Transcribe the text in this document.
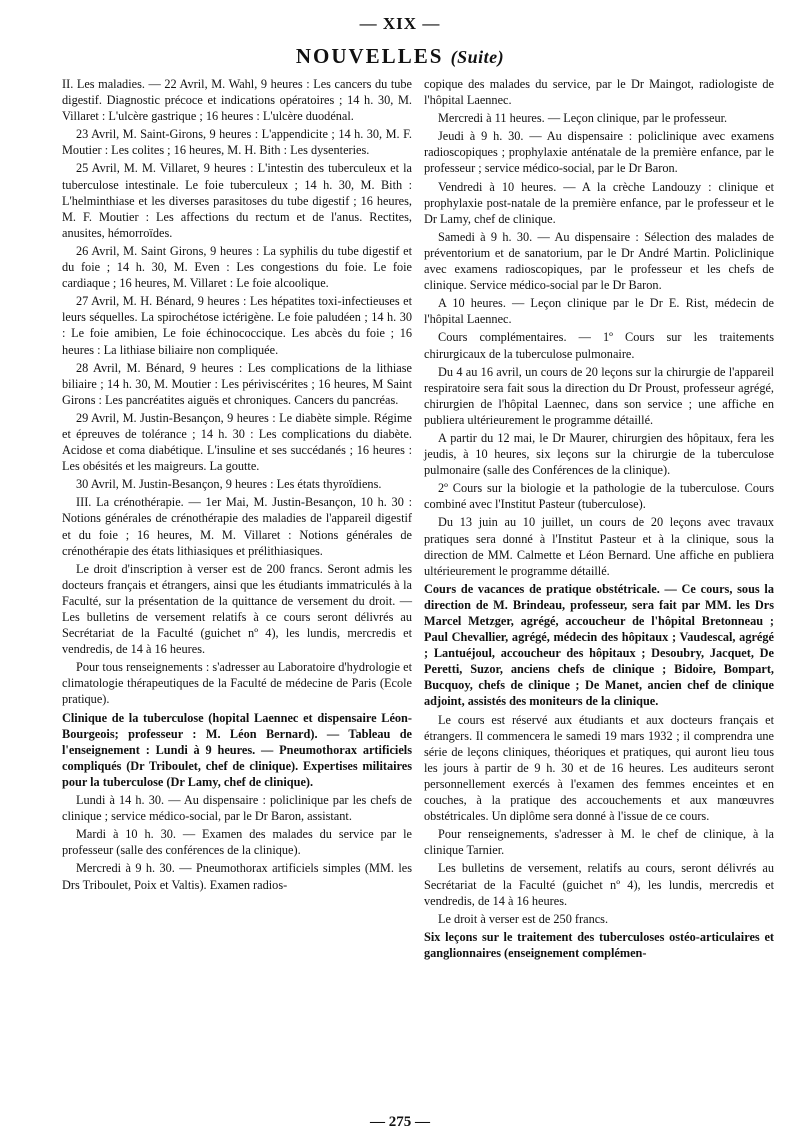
— XIX —
NOUVELLES (Suite)

II. Les maladies. — 22 Avril, M. Wahl, 9 heures : Les cancers du tube digestif. Diagnostic précoce et indications opératoires ; 14 h. 30, M. Villaret : L'ulcère gastrique ; 16 heures : L'ulcère duodénal.

23 Avril, M. Saint-Girons, 9 heures : L'appendicite ; 14 h. 30, M. F. Moutier : Les colites ; 16 heures, M. H. Bith : Les dysenteries.

25 Avril, M. M. Villaret, 9 heures : L'intestin des tuberculeux et la tuberculose intestinale. Le foie tuberculeux ; 14 h. 30, M. Bith : L'helminthiase et les diverses parasitoses du tube digestif ; 16 heures, M. F. Moutier : Les affections du rectum et de l'anus. Rectites, anusites, hémorroïdes.

26 Avril, M. Saint Girons, 9 heures : La syphilis du tube digestif et du foie ; 14 h. 30, M. Even : Les congestions du foie. Le foie cardiaque ; 16 heures, M. Villaret : Le foie alcoolique.

27 Avril, M. H. Bénard, 9 heures : Les hépatites toxi-infectieuses et leurs séquelles. La spirochétose ictérigène. Le foie paludéen ; 14 h. 30 : Le foie amibien, Le foie échinococcique. Les abcès du foie ; 16 heures : La lithiase biliaire non compliquée.

28 Avril, M. Bénard, 9 heures : Les complications de la lithiase biliaire ; 14 h. 30, M. Moutier : Les périviscérites ; 16 heures, M Saint Girons : Les pancréatites aiguës et chroniques. Cancers du pancréas.

29 Avril, M. Justin-Besançon, 9 heures : Le diabète simple. Régime et épreuves de tolérance ; 14 h. 30 : Les complications du diabète. Acidose et coma diabétique. L'insuline et ses succédanés ; 16 heures : Les obésités et les maigreurs. La goutte.

30 Avril, M. Justin-Besançon, 9 heures : Les états thyroïdiens.

III. La crénothérapie. — 1er Mai, M. Justin-Besançon, 10 h. 30 : Notions générales de crénothérapie des maladies de l'appareil digestif et du foie ; 16 heures, M. M. Villaret : Notions générales de crénothérapie des états lithiasiques et prélithiasiques.

Le droit d'inscription à verser est de 200 francs. Seront admis les docteurs français et étrangers, ainsi que les étudiants immatriculés à la Faculté, sur la présentation de la quittance de versement du droit. — Les bulletins de versement relatifs à ce cours seront délivrés au Secrétariat de la Faculté (guichet nº 4), les lundis, mercredis et vendredis, de 14 à 16 heures.

Pour tous renseignements : s'adresser au Laboratoire d'hydrologie et climatologie thérapeutiques de la Faculté de médecine de Paris (Ecole pratique).

Clinique de la tuberculose (hopital Laennec et dispensaire Léon-Bourgeois; professeur : M. Léon Bernard). — Tableau de l'enseignement : Lundi à 9 heures. — Pneumothorax artificiels compliqués (Dr Triboulet, chef de clinique). Expertises militaires pour la tuberculose (Dr Lamy, chef de clinique).

Lundi à 14 h. 30. — Au dispensaire : policlinique par les chefs de clinique ; service médico-social, par le Dr Baron, assistant.

Mardi à 10 h. 30. — Examen des malades du service par le professeur (salle des conférences de la clinique).

Mercredi à 9 h. 30. — Pneumothorax artificiels simples (MM. les Drs Triboulet, Poix et Valtis). Examen radios-

copique des malades du service, par le Dr Maingot, radiologiste de l'hôpital Laennec.

Mercredi à 11 heures. — Leçon clinique, par le professeur.

Jeudi à 9 h. 30. — Au dispensaire : policlinique avec examens radioscopiques ; prophylaxie anténatale de la première enfance, par le professeur ; service médico-social, par le Dr Baron.

Vendredi à 10 heures. — A la crèche Landouzy : clinique et prophylaxie post-natale de la première enfance, par le professeur et le Dr Lamy, chef de clinique.

Samedi à 9 h. 30. — Au dispensaire : Sélection des malades de préventorium et de sanatorium, par le Dr André Martin. Policlinique avec examens radioscopiques, par le professeur et les chefs de clinique. Service médico-social par le Dr Baron.

A 10 heures. — Leçon clinique par le Dr E. Rist, médecin de l'hôpital Laennec.

Cours complémentaires. — 1º Cours sur les traitements chirurgicaux de la tuberculose pulmonaire.

Du 4 au 16 avril, un cours de 20 leçons sur la chirurgie de l'appareil respiratoire sera fait sous la direction du Dr Proust, professeur agrégé, chirurgien de l'hôpital Laennec, dans son service ; une affiche en publiera ultérieurement le programme détaillé.

A partir du 12 mai, le Dr Maurer, chirurgien des hôpitaux, fera les jeudis, à 10 heures, six leçons sur la chirurgie de la tuberculose pulmonaire (salle des Conférences de la clinique).

2º Cours sur la biologie et la pathologie de la tuberculose. Cours combiné avec l'Institut Pasteur (tuberculose).

Du 13 juin au 10 juillet, un cours de 20 leçons avec travaux pratiques sera donné à l'Institut Pasteur et à la clinique, sous la direction de MM. Calmette et Léon Bernard. Une affiche en publiera ultérieurement le programme détaillé.

Cours de vacances de pratique obstétricale. — Ce cours, sous la direction de M. Brindeau, professeur, sera fait par MM. les Drs Marcel Metzger, agrégé, accoucheur de l'hôpital Bretonneau ; Paul Chevallier, agrégé, médecin des hôpitaux ; Vaudescal, agrégé ; Lantuéjoul, accoucheur des hôpitaux ; Desoubry, Jacquet, De Peretti, Suzor, anciens chefs de clinique ; Bidoire, Bompart, Bucquoy, chefs de clinique ; De Manet, ancien chef de clinique adjoint, assistés des moniteurs de la clinique.

Le cours est réservé aux étudiants et aux docteurs français et étrangers. Il commencera le samedi 19 mars 1932 ; il comprendra une série de leçons cliniques, théoriques et pratiques, qui auront lieu tous les jours à partir de 9 h. 30 et de 16 heures. Les auditeurs seront personnellement exercés à l'examen des femmes enceintes et en couches, à la pratique des accouchements et aux manœuvres obstétricales. Un diplôme sera donné à l'issue de ce cours.

Pour renseignements, s'adresser à M. le chef de clinique, à la clinique Tarnier.

Les bulletins de versement, relatifs au cours, seront délivrés au Secrétariat de la Faculté (guichet nº 4), les lundis, mercredis et vendredis, de 14 à 16 heures.

Le droit à verser est de 250 francs.

Six leçons sur le traitement des tuberculoses ostéo-articulaires et ganglionnaires (enseignement complémen-

— 275 —
